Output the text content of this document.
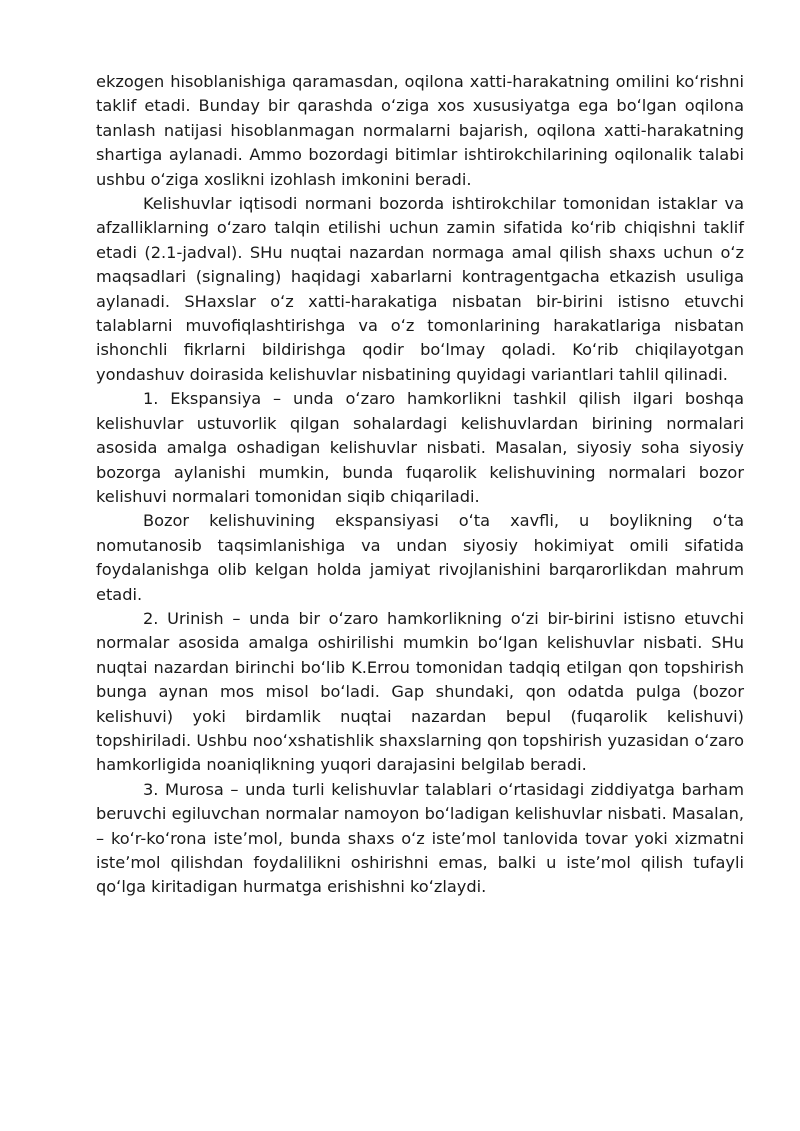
ekzogen hisoblanishiga qaramasdan, oqilona xatti-harakatning omilini koʻrishni taklif etadi. Bunday bir qarashda oʻziga xos xususiyatga ega boʻlgan oqilona tanlash natijasi hisoblanmagan normalarni bajarish, oqilona xatti-harakatning shartiga aylanadi. Ammo bozordagi bitimlar ishtirokchilarining oqilonalik talabi ushbu oʻziga xoslikni izohlash imkonini beradi.

Kelishuvlar iqtisodi normani bozorda ishtirokchilar tomonidan istaklar va afzalliklarning oʻzaro talqin etilishi uchun zamin sifatida koʻrib chiqishni taklif etadi (2.1-jadval). SHu nuqtai nazardan normaga amal qilish shaxs uchun oʻz maqsadlari (signaling) haqidagi xabarlarni kontragentgacha etkazish usuliga aylanadi. SHaxslar oʻz xatti-harakatiga nisbatan bir-birini istisno etuvchi talablarni muvofiqlashtirishga va oʻz tomonlarining harakatlariga nisbatan ishonchli fikrlarni bildirishga qodir boʻlmay qoladi. Koʻrib chiqilayotgan yondashuv doirasida kelishuvlar nisbatining quyidagi variantlari tahlil qilinadi.

1. Ekspansiya – unda oʻzaro hamkorlikni tashkil qilish ilgari boshqa kelishuvlar ustuvorlik qilgan sohalardagi kelishuvlardan birining normalari asosida amalga oshadigan kelishuvlar nisbati. Masalan, siyosiy soha siyosiy bozorga aylanishi mumkin, bunda fuqarolik kelishuvining normalari bozor kelishuvi normalari tomonidan siqib chiqariladi.

Bozor kelishuvining ekspansiyasi oʻta xavfli, u boylikning oʻta nomutanosib taqsimlanishiga va undan siyosiy hokimiyat omili sifatida foydalanishga olib kelgan holda jamiyat rivojlanishini barqarorlikdan mahrum etadi.

2. Urinish – unda bir oʻzaro hamkorlikning oʻzi bir-birini istisno etuvchi normalar asosida amalga oshirilishi mumkin boʻlgan kelishuvlar nisbati. SHu nuqtai nazardan birinchi boʻlib K.Errou tomonidan tadqiq etilgan qon topshirish bunga aynan mos misol boʻladi. Gap shundaki, qon odatda pulga (bozor kelishuvi) yoki birdamlik nuqtai nazardan bepul (fuqarolik kelishuvi) topshiriladi. Ushbu nooʻxshatishlik shaxslarning qon topshirish yuzasidan oʻzaro hamkorligida noaniqlikning yuqori darajasini belgilab beradi.

3. Murosa – unda turli kelishuvlar talablari oʻrtasidagi ziddiyatga barham beruvchi egiluvchan normalar namoyon boʻladigan kelishuvlar nisbati. Masalan, – koʻr-koʻrona isteʼmol, bunda shaxs oʻz isteʼmol tanlovida tovar yoki xizmatni isteʼmol qilishdan foydalilikni oshirishni emas, balki u isteʼmol qilish tufayli qoʻlga kiritadigan hurmatga erishishni koʻzlaydi.
